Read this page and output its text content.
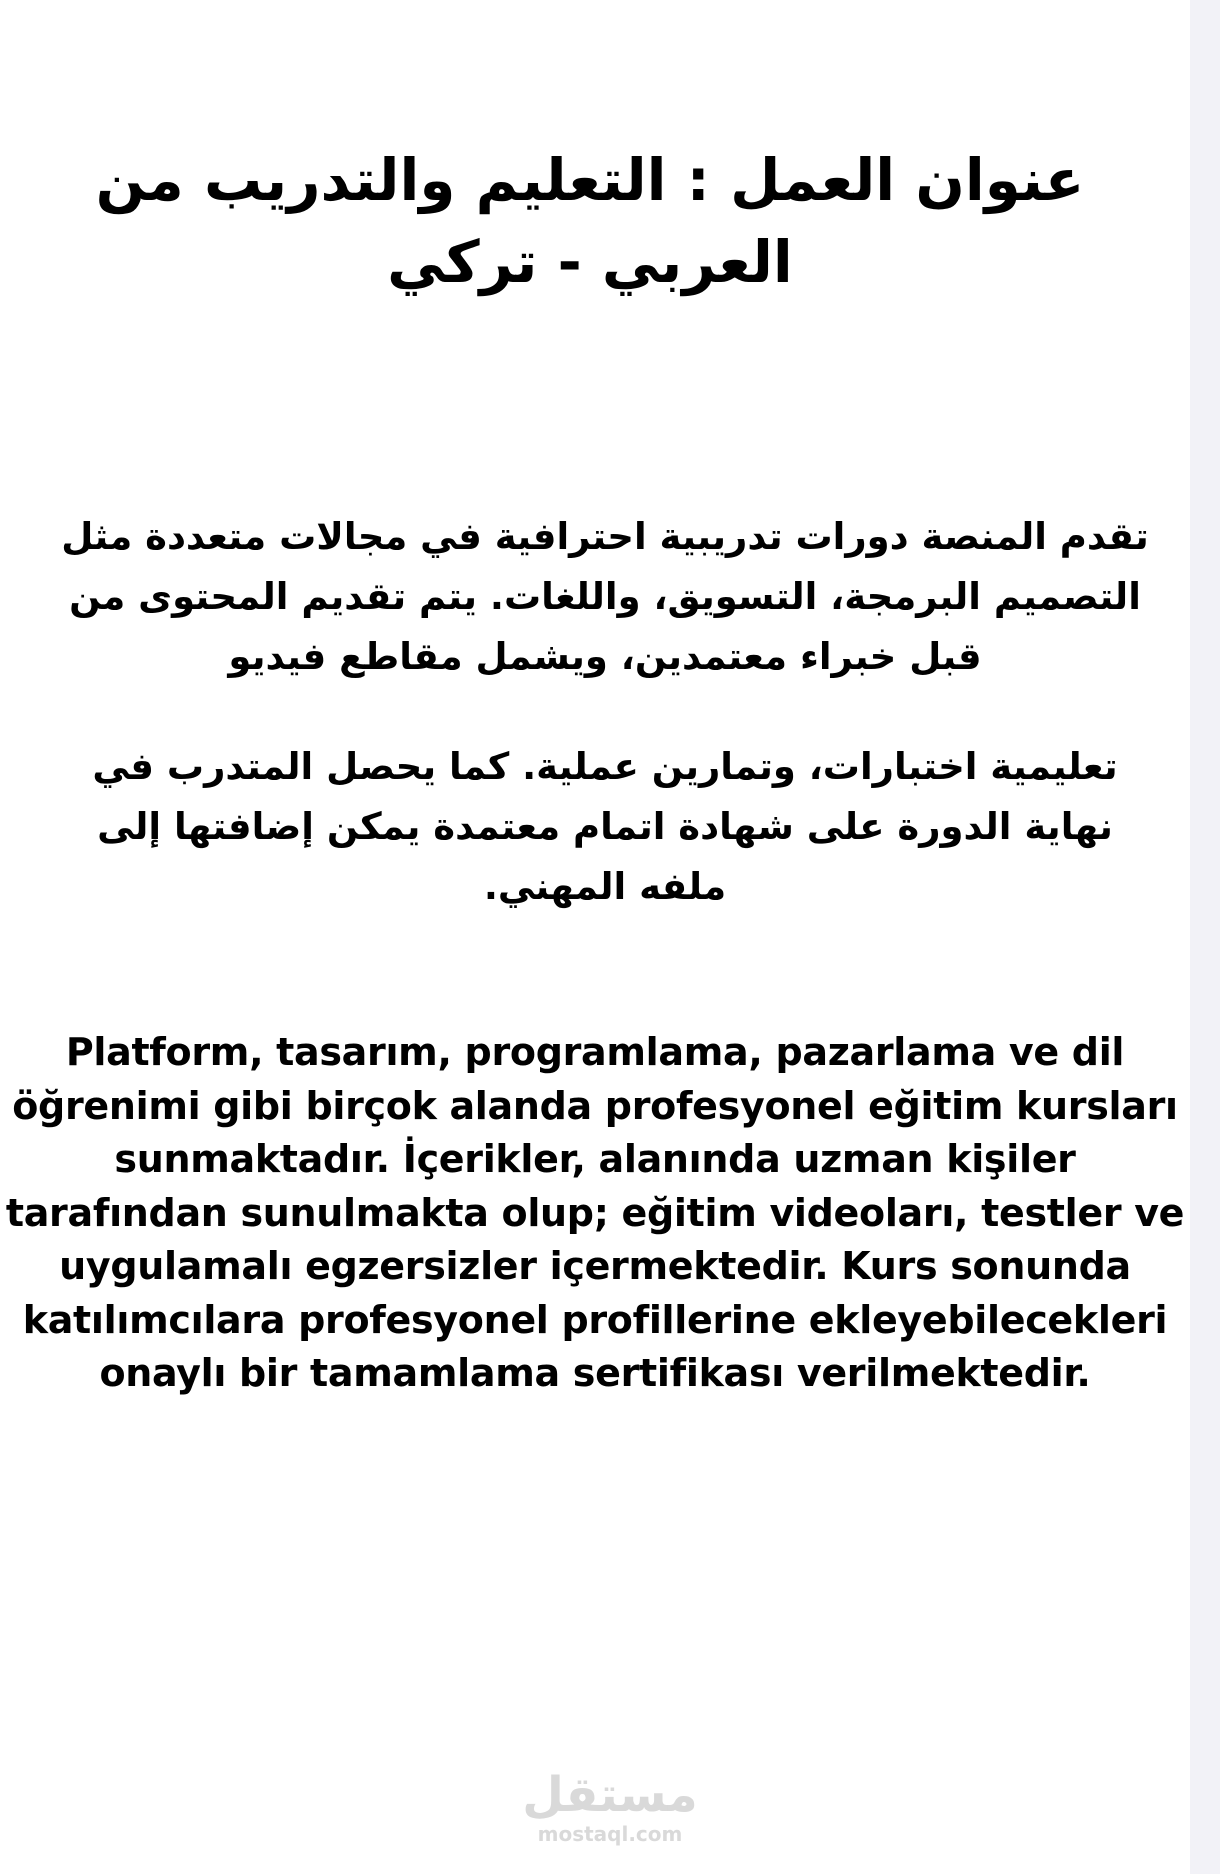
عنوان العمل : التعليم والتدريب من العربي - تركي

تقدم المنصة دورات تدريبية احترافية في مجالات متعددة مثل التصميم البرمجة، التسويق، واللغات. يتم تقديم المحتوى من قبل خبراء معتمدين، ويشمل مقاطع فيديو

تعليمية اختبارات، وتمارين عملية. كما يحصل المتدرب في نهاية الدورة على شهادة اتمام معتمدة يمكن إضافتها إلى ملفه المهني.

Platform, tasarım, programlama, pazarlama ve dil öğrenimi gibi birçok alanda profesyonel eğitim kursları sunmaktadır. İçerikler, alanında uzman kişiler tarafından sunulmakta olup; eğitim videoları, testler ve uygulamalı egzersizler içermektedir. Kurs sonunda katılımcılara profesyonel profillerine ekleyebilecekleri onaylı bir tamamlama sertifikası verilmektedir.

مستقل
mostaql.com
